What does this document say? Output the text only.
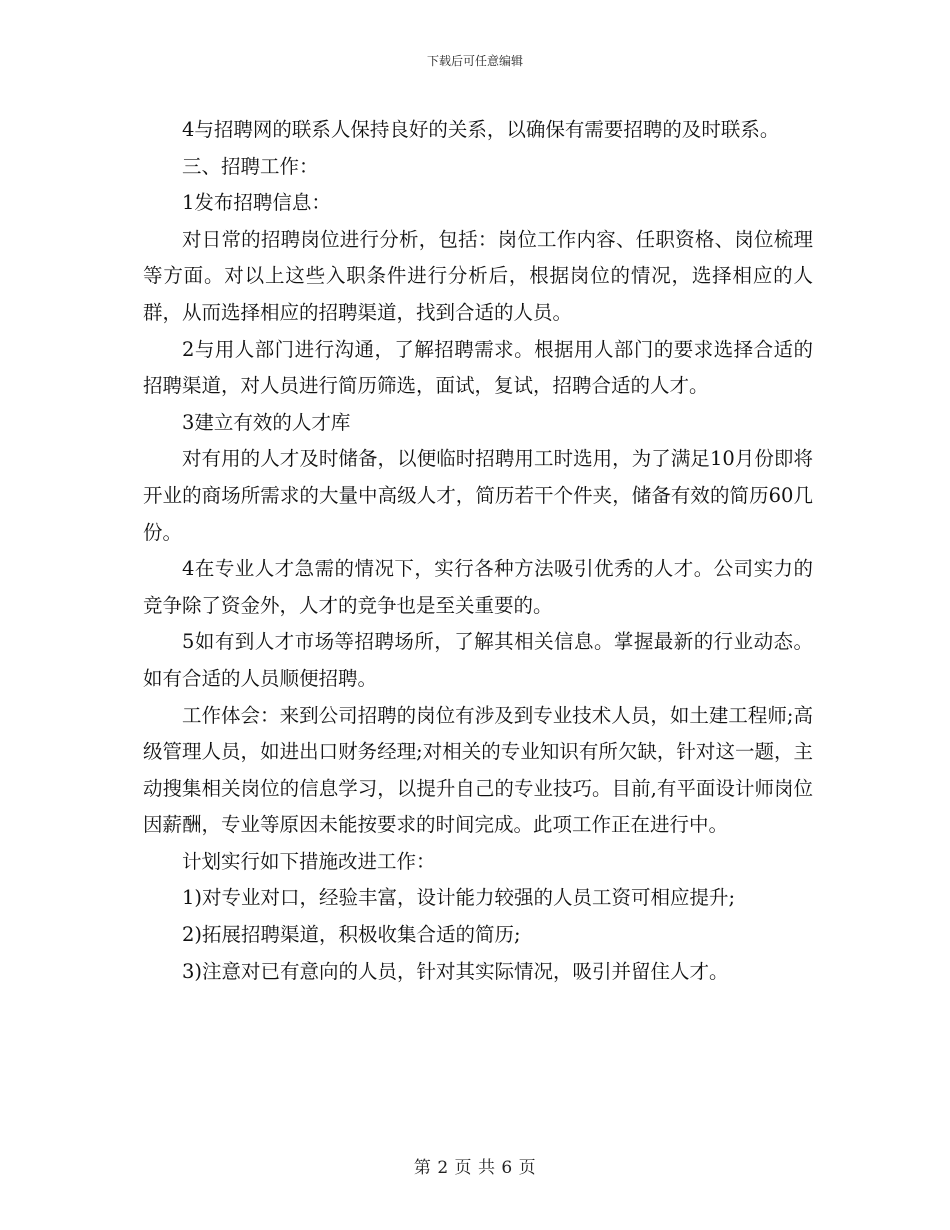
下载后可任意编辑

4与招聘网的联系人保持良好的关系，以确保有需要招聘的及时联系。

三、招聘工作：

1发布招聘信息：

对日常的招聘岗位进行分析，包括：岗位工作内容、任职资格、岗位梳理等方面。对以上这些入职条件进行分析后，根据岗位的情况，选择相应的人群，从而选择相应的招聘渠道，找到合适的人员。

2与用人部门进行沟通，了解招聘需求。根据用人部门的要求选择合适的招聘渠道，对人员进行简历筛选，面试，复试，招聘合适的人才。

3建立有效的人才库

对有用的人才及时储备，以便临时招聘用工时选用，为了满足10月份即将开业的商场所需求的大量中高级人才，简历若干个件夹，储备有效的简历60几份。

4在专业人才急需的情况下，实行各种方法吸引优秀的人才。公司实力的竞争除了资金外，人才的竞争也是至关重要的。

5如有到人才市场等招聘场所，了解其相关信息。掌握最新的行业动态。如有合适的人员顺便招聘。

工作体会：来到公司招聘的岗位有涉及到专业技术人员，如土建工程师;高级管理人员，如进出口财务经理;对相关的专业知识有所欠缺，针对这一题，主动搜集相关岗位的信息学习，以提升自己的专业技巧。目前,有平面设计师岗位因薪酬，专业等原因未能按要求的时间完成。此项工作正在进行中。

计划实行如下措施改进工作：

1)对专业对口，经验丰富，设计能力较强的人员工资可相应提升;

2)拓展招聘渠道，积极收集合适的简历;

3)注意对已有意向的人员，针对其实际情况，吸引并留住人才。

第 2 页 共 6 页
